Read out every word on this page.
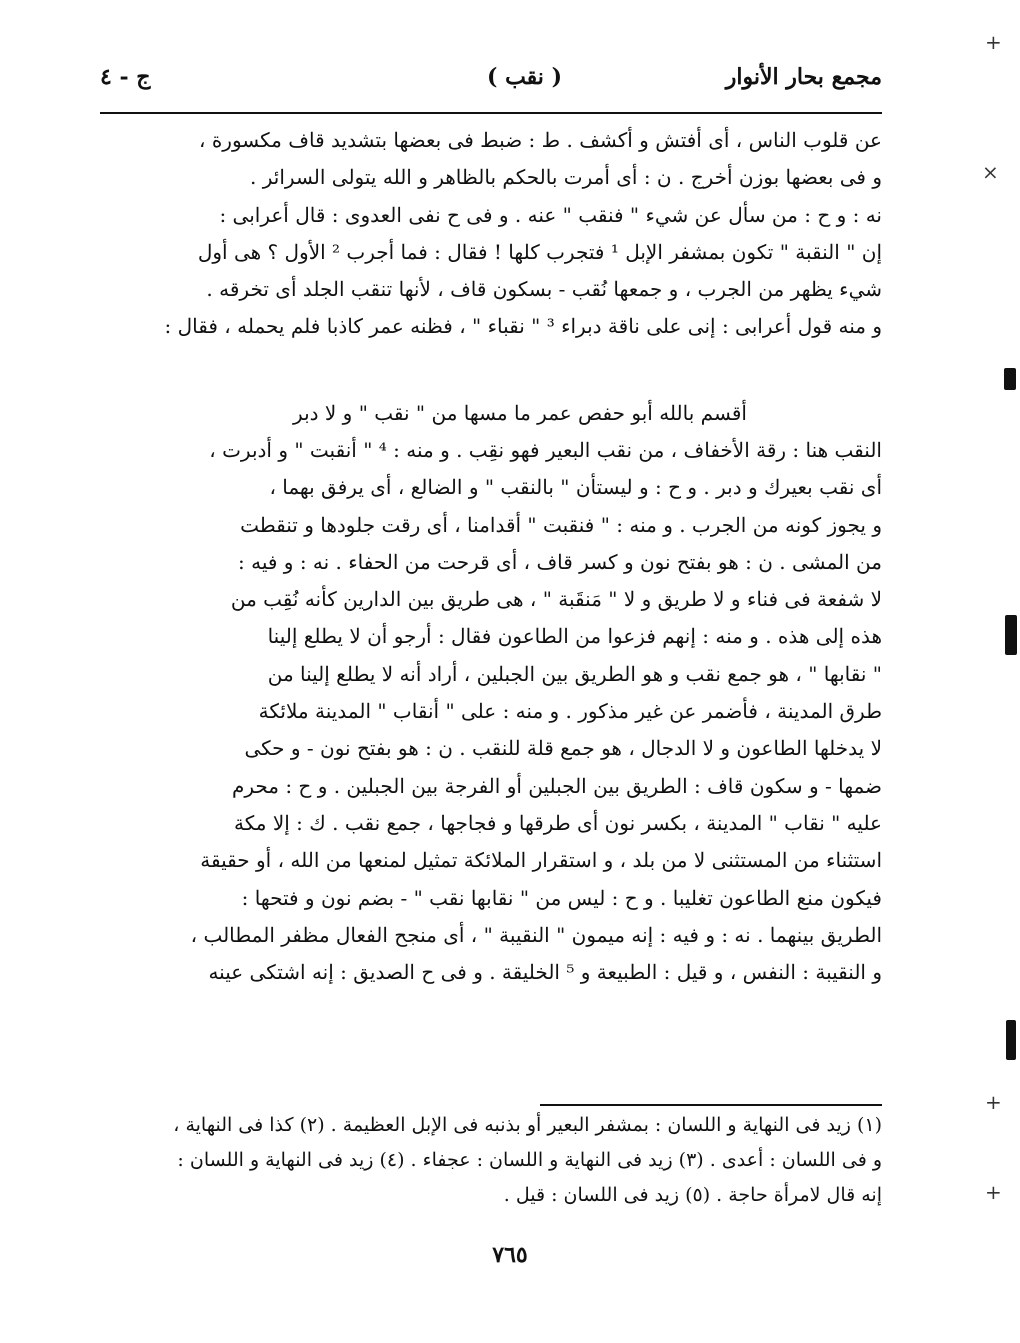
مجمع بحار الأنوار
( نقب )
ج - ٤
عن قلوب الناس ، أى أفتش و أكشف . ط : ضبط فى بعضها بتشديد قاف مكسورة ،
و فى بعضها بوزن أخرج . ن : أى أمرت بالحكم بالظاهر و الله يتولى السرائر .
نه : و ح : من سأل عن شيء " فنقب " عنه . و فى ح نفى العدوى : قال أعرابى :
إن " النقبة " تكون بمشفر الإبل ¹ فتجرب كلها ! فقال : فما أجرب ² الأول ؟ هى أول
شيء يظهر من الجرب ، و جمعها نُقب - بسكون قاف ، لأنها تنقب الجلد أى تخرقه .
و منه قول أعرابى : إنى على ناقة دبراء ³ " نقباء " ، فظنه عمر كاذبا فلم يحمله ، فقال :
أقسم بالله أبو حفص عمر ما مسها من " نقب " و لا دبر
النقب هنا : رقة الأخفاف ، من نقب البعير فهو نقِب . و منه : ⁴ " أنقبت " و أدبرت ،
أى نقب بعيرك و دبر . و ح : و ليستأن " بالنقب " و الضالع ، أى يرفق بهما ،
و يجوز كونه من الجرب . و منه : " فنقبت " أقدامنا ، أى رقت جلودها و تنقطت
من المشى . ن : هو بفتح نون و كسر قاف ، أى قرحت من الحفاء . نه : و فيه :
لا شفعة فى فناء و لا طريق و لا " مَنقَبة " ، هى طريق بين الدارين كأنه نُقِب من
هذه إلى هذه . و منه : إنهم فزعوا من الطاعون فقال : أرجو أن لا يطلع إلينا
" نقابها " ، هو جمع نقب و هو الطريق بين الجبلين ، أراد أنه لا يطلع إلينا من
طرق المدينة ، فأضمر عن غير مذكور . و منه : على " أنقاب " المدينة ملائكة
لا يدخلها الطاعون و لا الدجال ، هو جمع قلة للنقب . ن : هو بفتح نون - و حكى
ضمها - و سكون قاف : الطريق بين الجبلين أو الفرجة بين الجبلين . و ح : محرم
عليه " نقاب " المدينة ، بكسر نون أى طرقها و فجاجها ، جمع نقب . ك : إلا مكة
استثناء من المستثنى لا من بلد ، و استقرار الملائكة تمثيل لمنعها من الله ، أو حقيقة
فيكون منع الطاعون تغليبا . و ح : ليس من " نقابها نقب " - بضم نون و فتحها :
الطريق بينهما . نه : و فيه : إنه ميمون " النقيبة " ، أى منجح الفعال مظفر المطالب ،
و النقيبة : النفس ، و قيل : الطبيعة و ⁵ الخليقة . و فى ح الصديق : إنه اشتكى عينه
(١) زيد فى النهاية و اللسان : بمشفر البعير أو بذنبه فى الإبل العظيمة . (٢) كذا فى النهاية ،
و فى اللسان : أعدى . (٣) زيد فى النهاية و اللسان : عجفاء . (٤) زيد فى النهاية و اللسان :
إنه قال لامرأة حاجة . (٥) زيد فى اللسان : قيل .
٧٦٥
+
+
+
×
